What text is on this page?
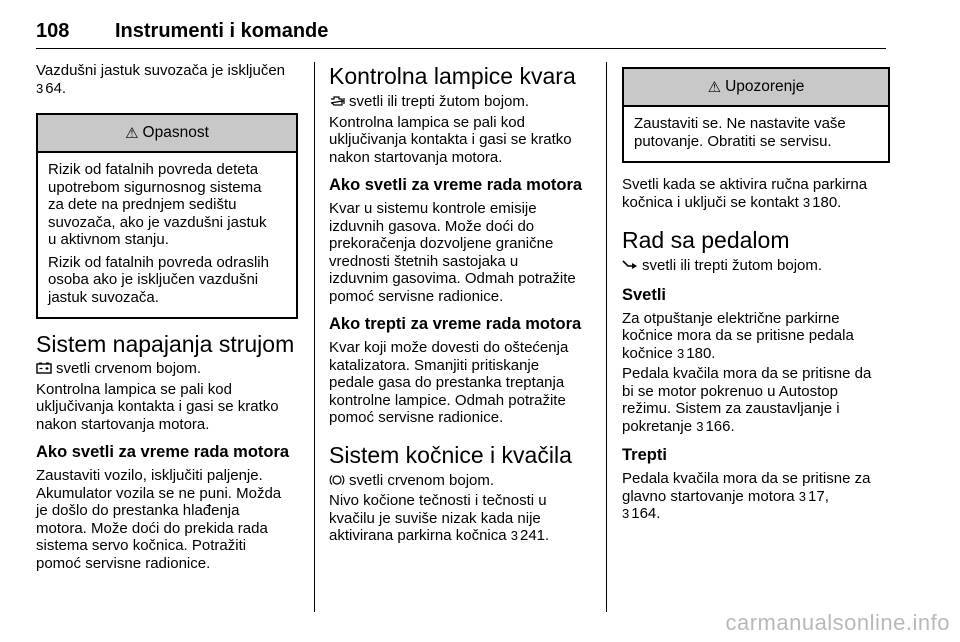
108 Instrumenti i komande

Vazdušni jastuk suvozača je isključen
3 64.

⚠ Opasnost

Rizik od fatalnih povreda deteta
upotrebom sigurnosnog sistema
za dete na prednjem sedištu
suvozača, ako je vazdušni jastuk
u aktivnom stanju.

Rizik od fatalnih povreda odraslih
osoba ako je isključen vazdušni
jastuk suvozača.

Sistem napajanja strujom

svetli crvenom bojom.

Kontrolna lampica se pali kod
uključivanja kontakta i gasi se kratko
nakon startovanja motora.

Ako svetli za vreme rada motora

Zaustaviti vozilo, isključiti paljenje.
Akumulator vozila se ne puni. Možda
je došlo do prestanka hlađenja
motora. Može doći do prekida rada
sistema servo kočnica. Potražiti
pomoć servisne radionice.

Kontrolna lampice kvara

svetli ili trepti žutom bojom.

Kontrolna lampica se pali kod
uključivanja kontakta i gasi se kratko
nakon startovanja motora.

Ako svetli za vreme rada motora

Kvar u sistemu kontrole emisije
izduvnih gasova. Može doći do
prekoračenja dozvoljene granične
vrednosti štetnih sastojaka u
izduvnim gasovima. Odmah potražite
pomoć servisne radionice.

Ako trepti za vreme rada motora

Kvar koji može dovesti do oštećenja
katalizatora. Smanjiti pritiskanje
pedale gasa do prestanka treptanja
kontrolne lampice. Odmah potražite
pomoć servisne radionice.

Sistem kočnice i kvačila

svetli crvenom bojom.

Nivo kočione tečnosti i tečnosti u
kvačilu je suviše nizak kada nije
aktivirana parkirna kočnica 3 241.

⚠ Upozorenje

Zaustaviti se. Ne nastavite vaše
putovanje. Obratiti se servisu.

Svetli kada se aktivira ručna parkirna
kočnica i uključi se kontakt 3 180.

Rad sa pedalom

svetli ili trepti žutom bojom.

Svetli

Za otpuštanje električne parkirne
kočnice mora da se pritisne pedala
kočnice 3 180.

Pedala kvačila mora da se pritisne da
bi se motor pokrenuo u Autostop
režimu. Sistem za zaustavljanje i
pokretanje 3 166.

Trepti

Pedala kvačila mora da se pritisne za
glavno startovanje motora 3 17,
3 164.

carmanualsonline.info
